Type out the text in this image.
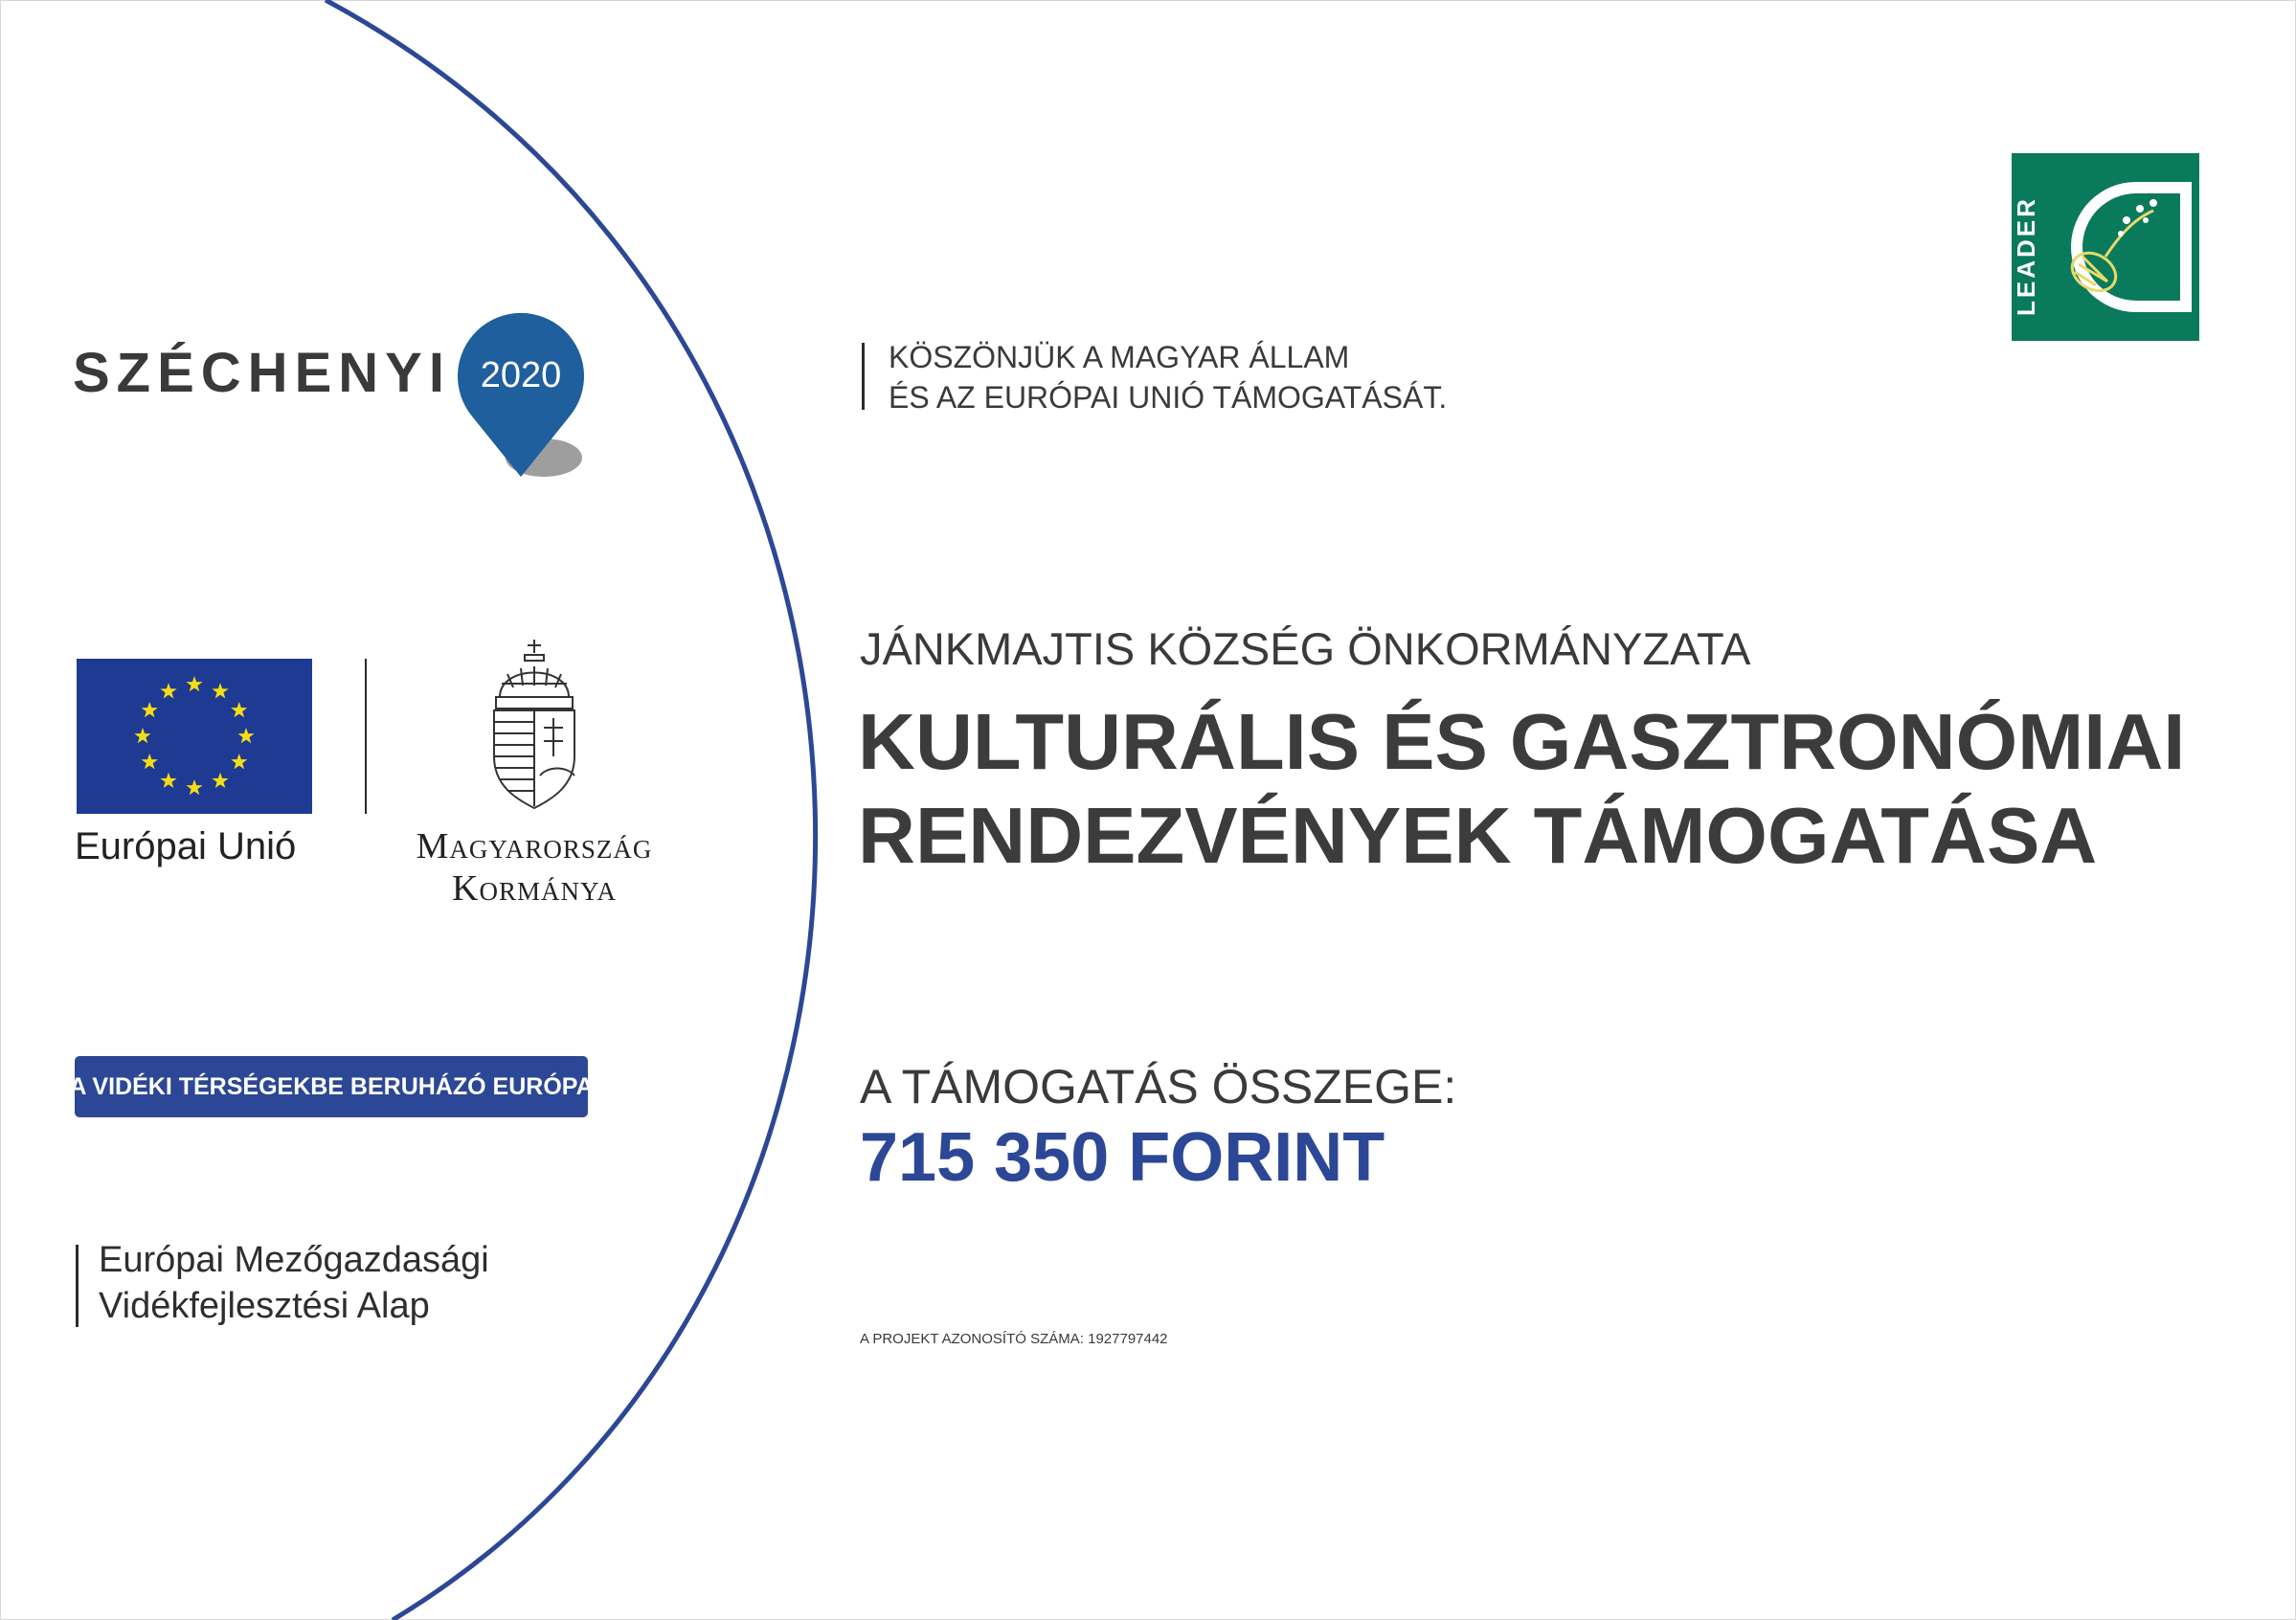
SZÉCHENYI 2020
Európai Unió	Magyarország
Kormánya
A VIDÉKI TÉRSÉGEKBE BERUHÁZÓ EURÓPA
Európai Mezőgazdasági
Vidékfejlesztési Alap
KÖSZÖNJÜK A MAGYAR ÁLLAM
ÉS AZ EURÓPAI UNIÓ TÁMOGATÁSÁT.
LEADER
JÁNKMAJTIS KÖZSÉG ÖNKORMÁNYZATA
KULTURÁLIS ÉS GASZTRONÓMIAI
RENDEZVÉNYEK TÁMOGATÁSA
A TÁMOGATÁS ÖSSZEGE:
715 350 FORINT
A PROJEKT AZONOSÍTÓ SZÁMA: 1927797442
